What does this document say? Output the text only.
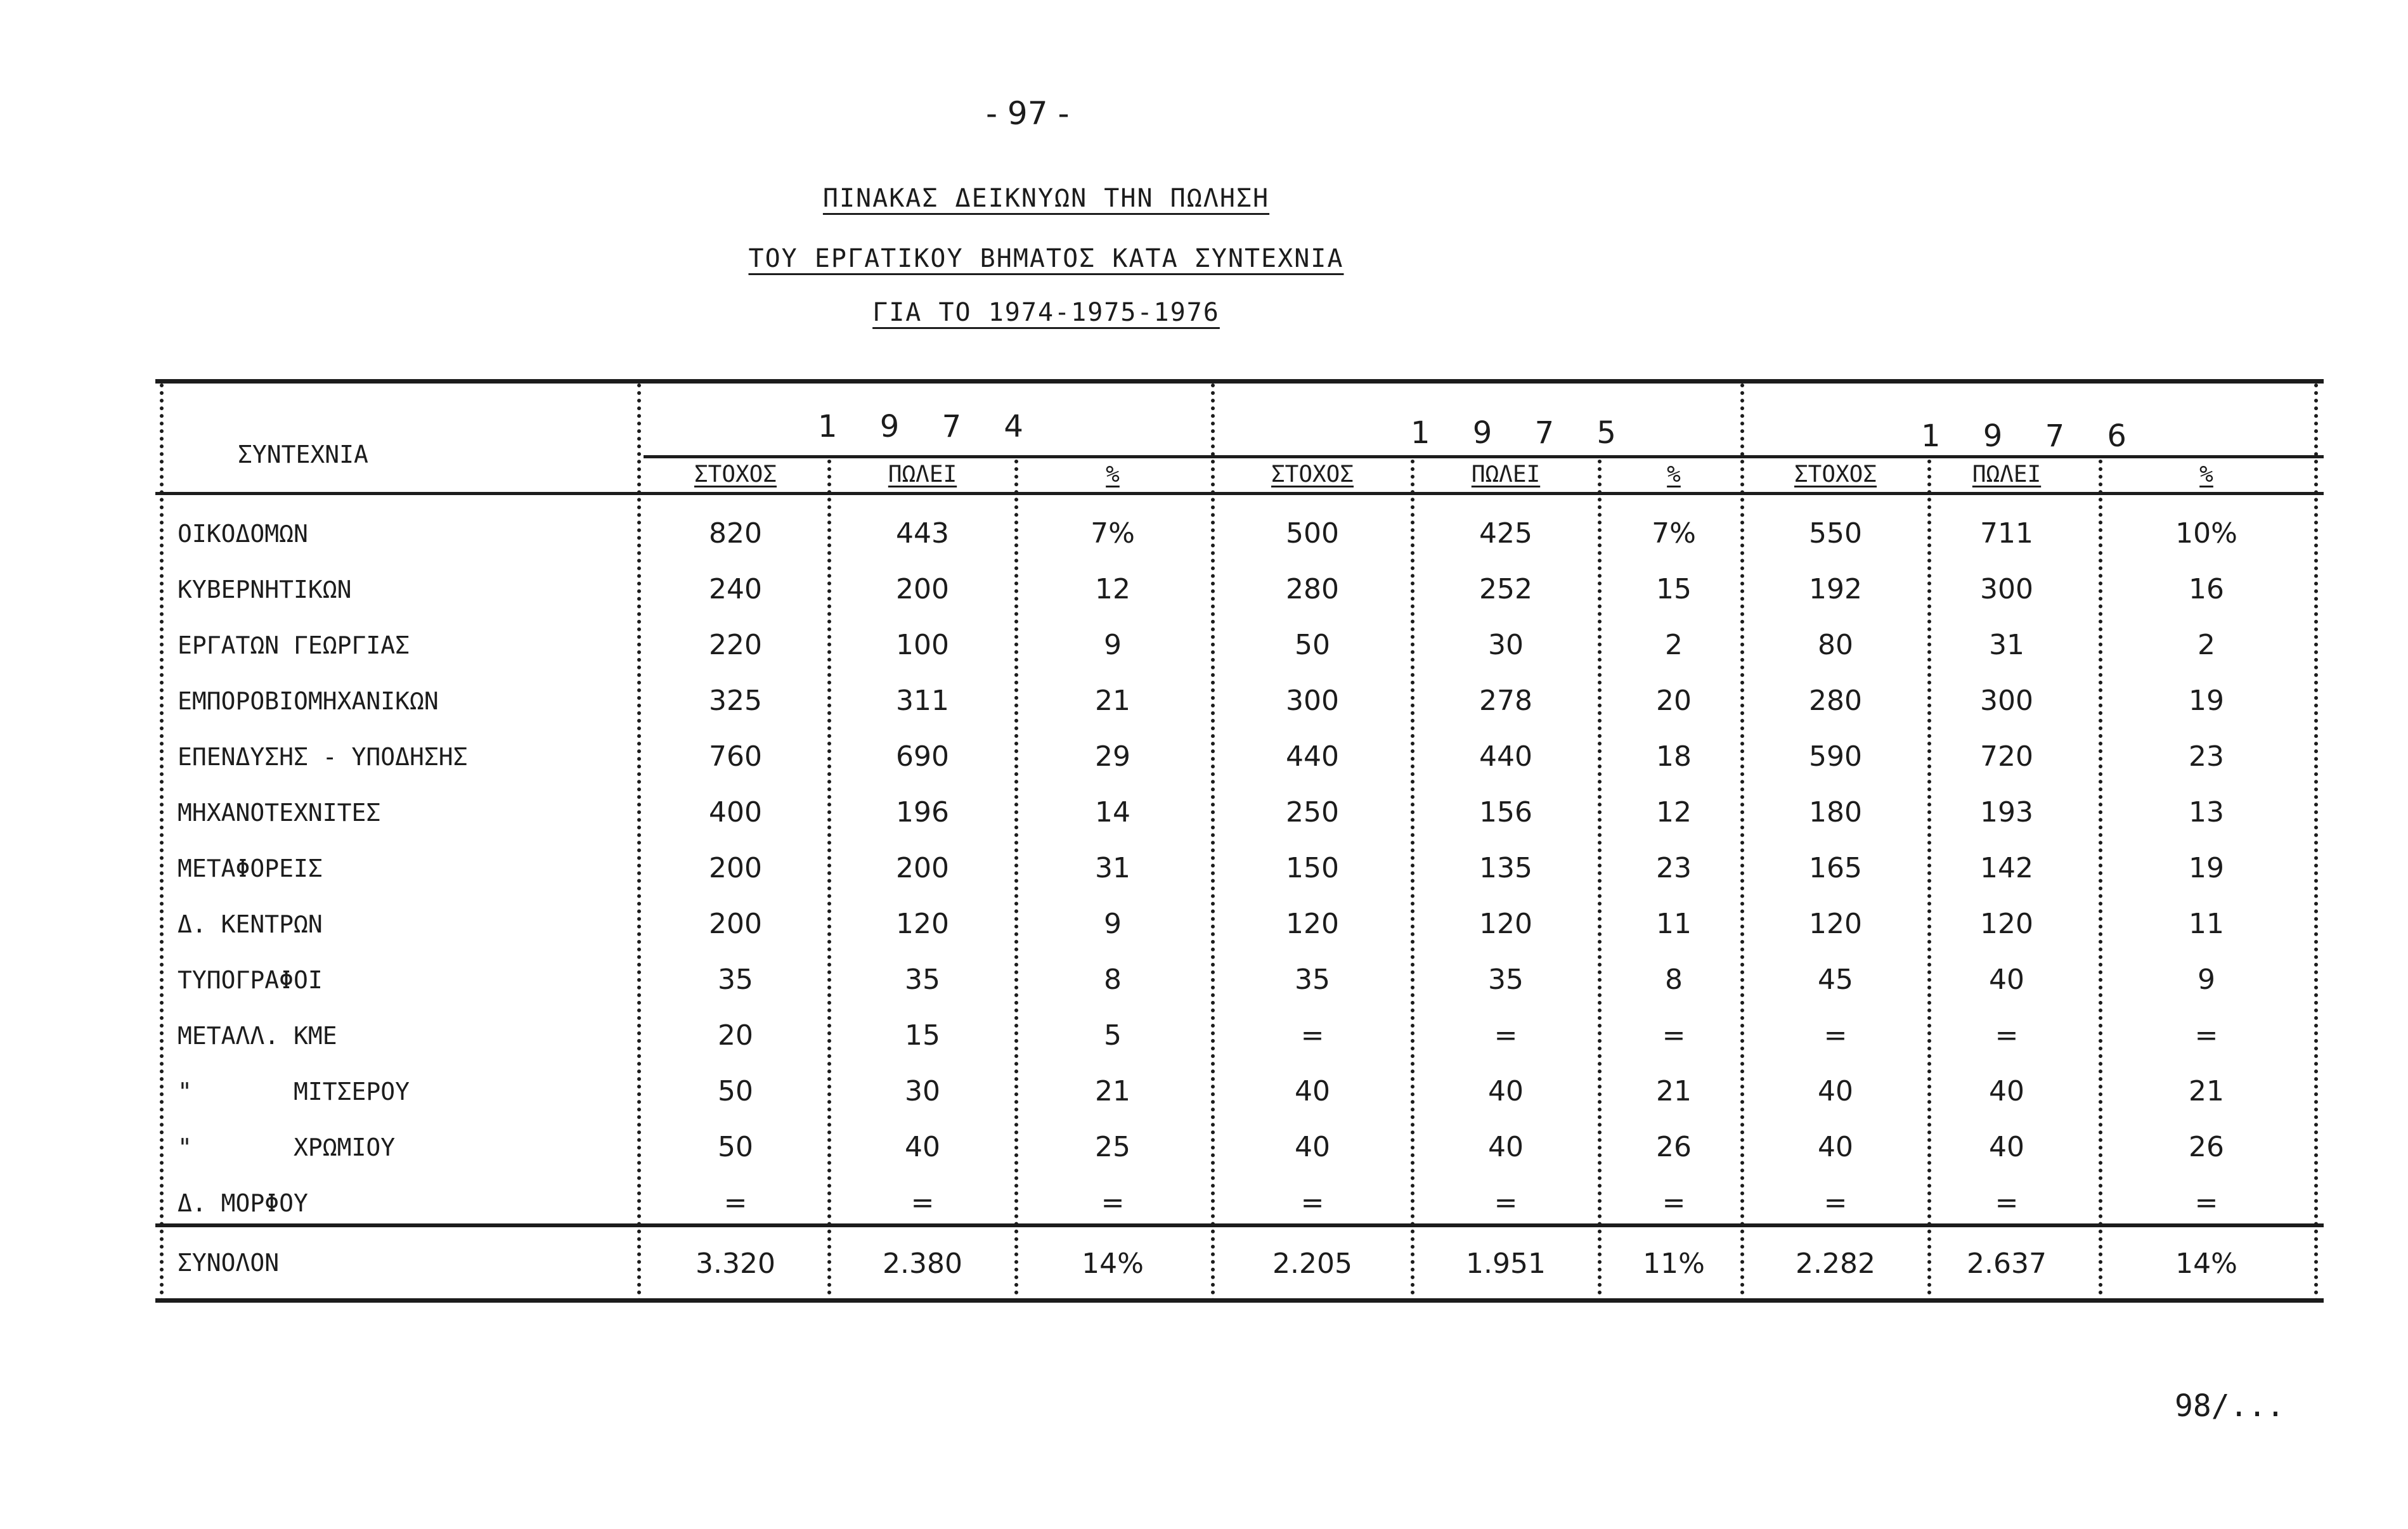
- 97 -
ΠΙΝΑΚΑΣ ΔΕΙΚΝΥΩΝ ΤΗΝ ΠΩΛΗΣΗ
ΤΟΥ ΕΡΓΑΤΙΚΟΥ ΒΗΜΑΤΟΣ ΚΑΤΑ ΣΥΝΤΕΧΝΙΑ
ΓΙΑ ΤΟ 1974-1975-1976
ΣΥΝΤΕΧΝΙΑ
1 9 7 4	1 9 7 5	1 9 7 6
ΣΤΟΧΟΣ	ΠΩΛΕΙ	%	ΣΤΟΧΟΣ	ΠΩΛΕΙ	%	ΣΤΟΧΟΣ	ΠΩΛΕΙ	%
ΟΙΚΟΔΟΜΩΝ	820	443	7%	500	425	7%	550	711	10%
ΚΥΒΕΡΝΗΤΙΚΩΝ	240	200	12	280	252	15	192	300	16
ΕΡΓΑΤΩΝ ΓΕΩΡΓΙΑΣ	220	100	9	50	30	2	80	31	2
ΕΜΠΟΡΟΒΙΟΜΗΧΑΝΙΚΩΝ	325	311	21	300	278	20	280	300	19
ΕΠΕΝΔΥΣΗΣ - ΥΠΟΔΗΣΗΣ	760	690	29	440	440	18	590	720	23
ΜΗΧΑΝΟΤΕΧΝΙΤΕΣ	400	196	14	250	156	12	180	193	13
ΜΕΤΑΦΟΡΕΙΣ	200	200	31	150	135	23	165	142	19
Δ. ΚΕΝΤΡΩΝ	200	120	9	120	120	11	120	120	11
ΤΥΠΟΓΡΑΦΟΙ	35	35	8	35	35	8	45	40	9
ΜΕΤΑΛΛ. ΚΜΕ	20	15	5	=	=	=	=	=	=
"       ΜΙΤΣΕΡΟΥ	50	30	21	40	40	21	40	40	21
"       ΧΡΩΜΙΟΥ	50	40	25	40	40	26	40	40	26
Δ. ΜΟΡΦΟΥ	=	=	=	=	=	=	=	=	=
ΣΥΝΟΛΟΝ	3.320	2.380	14%	2.205	1.951	11%	2.282	2.637	14%
98/...
